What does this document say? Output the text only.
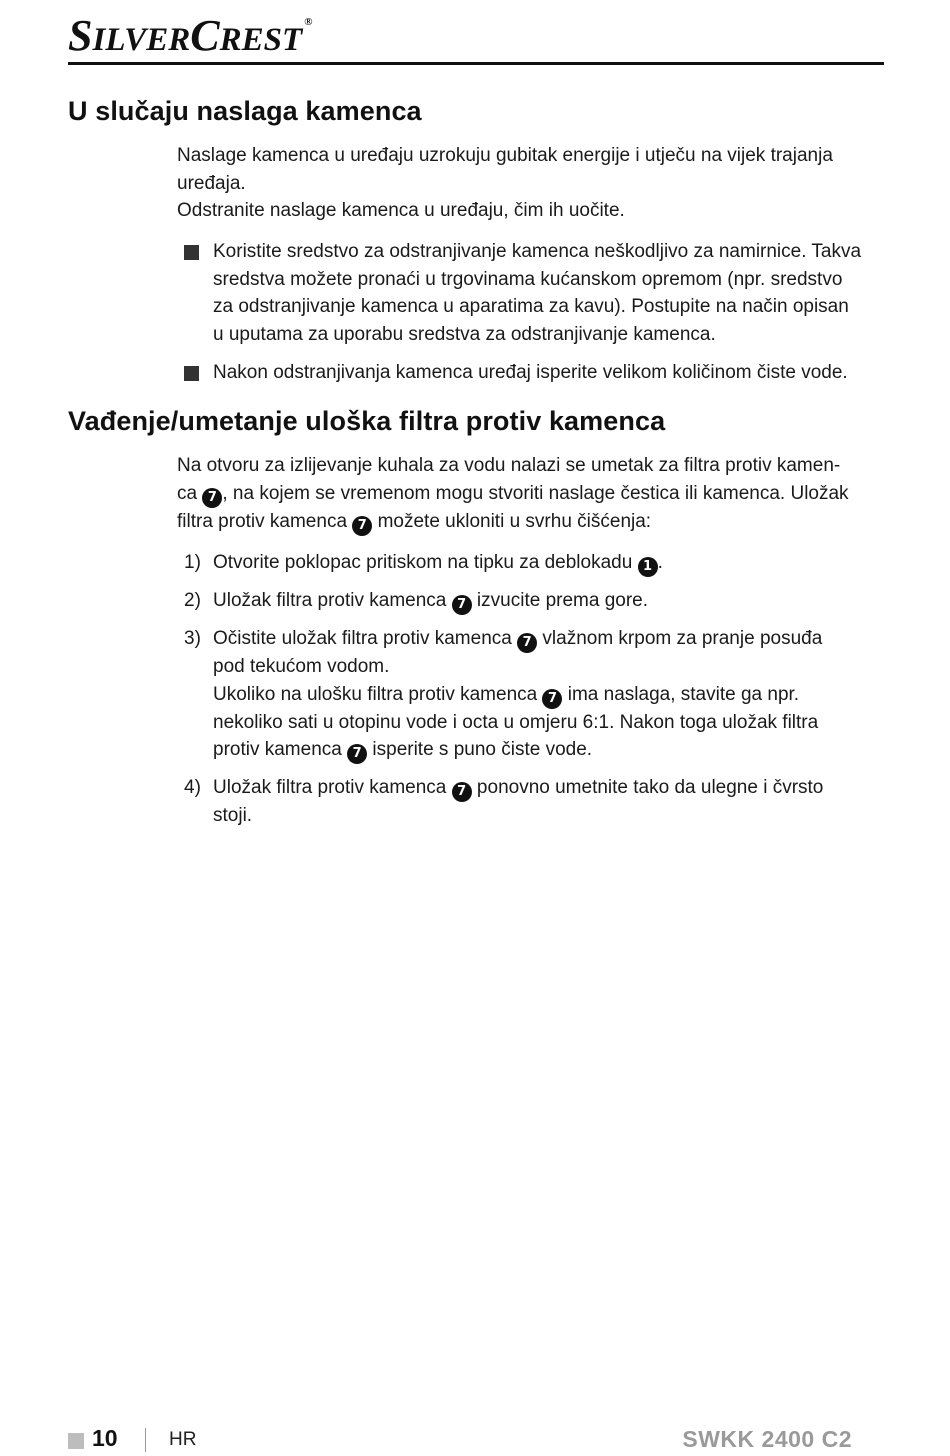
SILVERCREST ®
U slučaju naslaga kamenca
Naslage kamenca u uređaju uzrokuju gubitak energije i utječu na vijek trajanja
uređaja.
Odstranite naslage kamenca u uređaju, čim ih uočite.
Koristite sredstvo za odstranjivanje kamenca neškodljivo za namirnice. Takva
sredstva možete pronaći u trgovinama kućanskom opremom (npr. sredstvo
za odstranjivanje kamenca u aparatima za kavu). Postupite na način opisan
u uputama za uporabu sredstva za odstranjivanje kamenca.
Nakon odstranjivanja kamenca uređaj isperite velikom količinom čiste vode.
Vađenje/umetanje uloška filtra protiv kamenca
Na otvoru za izlijevanje kuhala za vodu nalazi se umetak za filtra protiv kamen-
ca 7 , na kojem se vremenom mogu stvoriti naslage čestica ili kamenca. Uložak
filtra protiv kamenca 7 možete ukloniti u svrhu čišćenja:
1) Otvorite poklopac pritiskom na tipku za deblokadu 1 .
2) Uložak filtra protiv kamenca 7 izvucite prema gore.
3) Očistite uložak filtra protiv kamenca 7 vlažnom krpom za pranje posuđa
pod tekućom vodom.
Ukoliko na ulošku filtra protiv kamenca 7 ima naslaga, stavite ga npr.
nekoliko sati u otopinu vode i octa u omjeru 6:1. Nakon toga uložak filtra
protiv kamenca 7 isperite s puno čiste vode.
4) Uložak filtra protiv kamenca 7 ponovno umetnite tako da ulegne i čvrsto
stoji.
10	HR	SWKK 2400 C2
